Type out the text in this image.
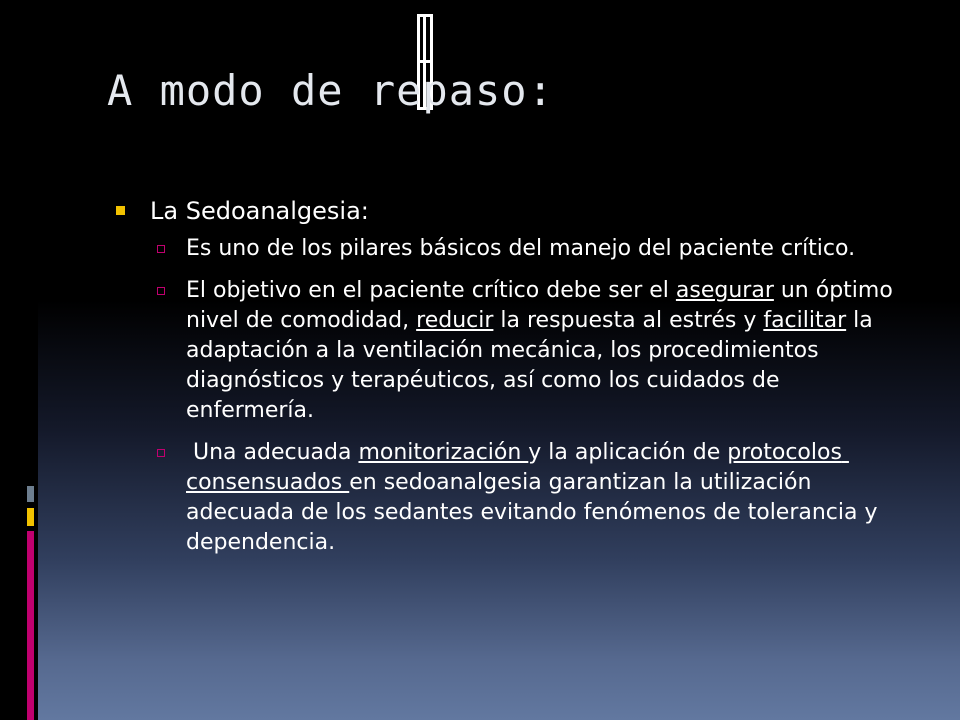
A modo de repaso:
La Sedoanalgesia:
Es uno de los pilares básicos del manejo del paciente crítico.
El objetivo en el paciente crítico debe ser el asegurar un óptimo nivel de comodidad, reducir la respuesta al estrés y facilitar la adaptación a la ventilación mecánica, los procedimientos diagnósticos y terapéuticos, así como los cuidados de enfermería.
Una adecuada monitorización y la aplicación de protocolos consensuados en sedoanalgesia garantizan la utilización adecuada de los sedantes evitando fenómenos de tolerancia y dependencia.
